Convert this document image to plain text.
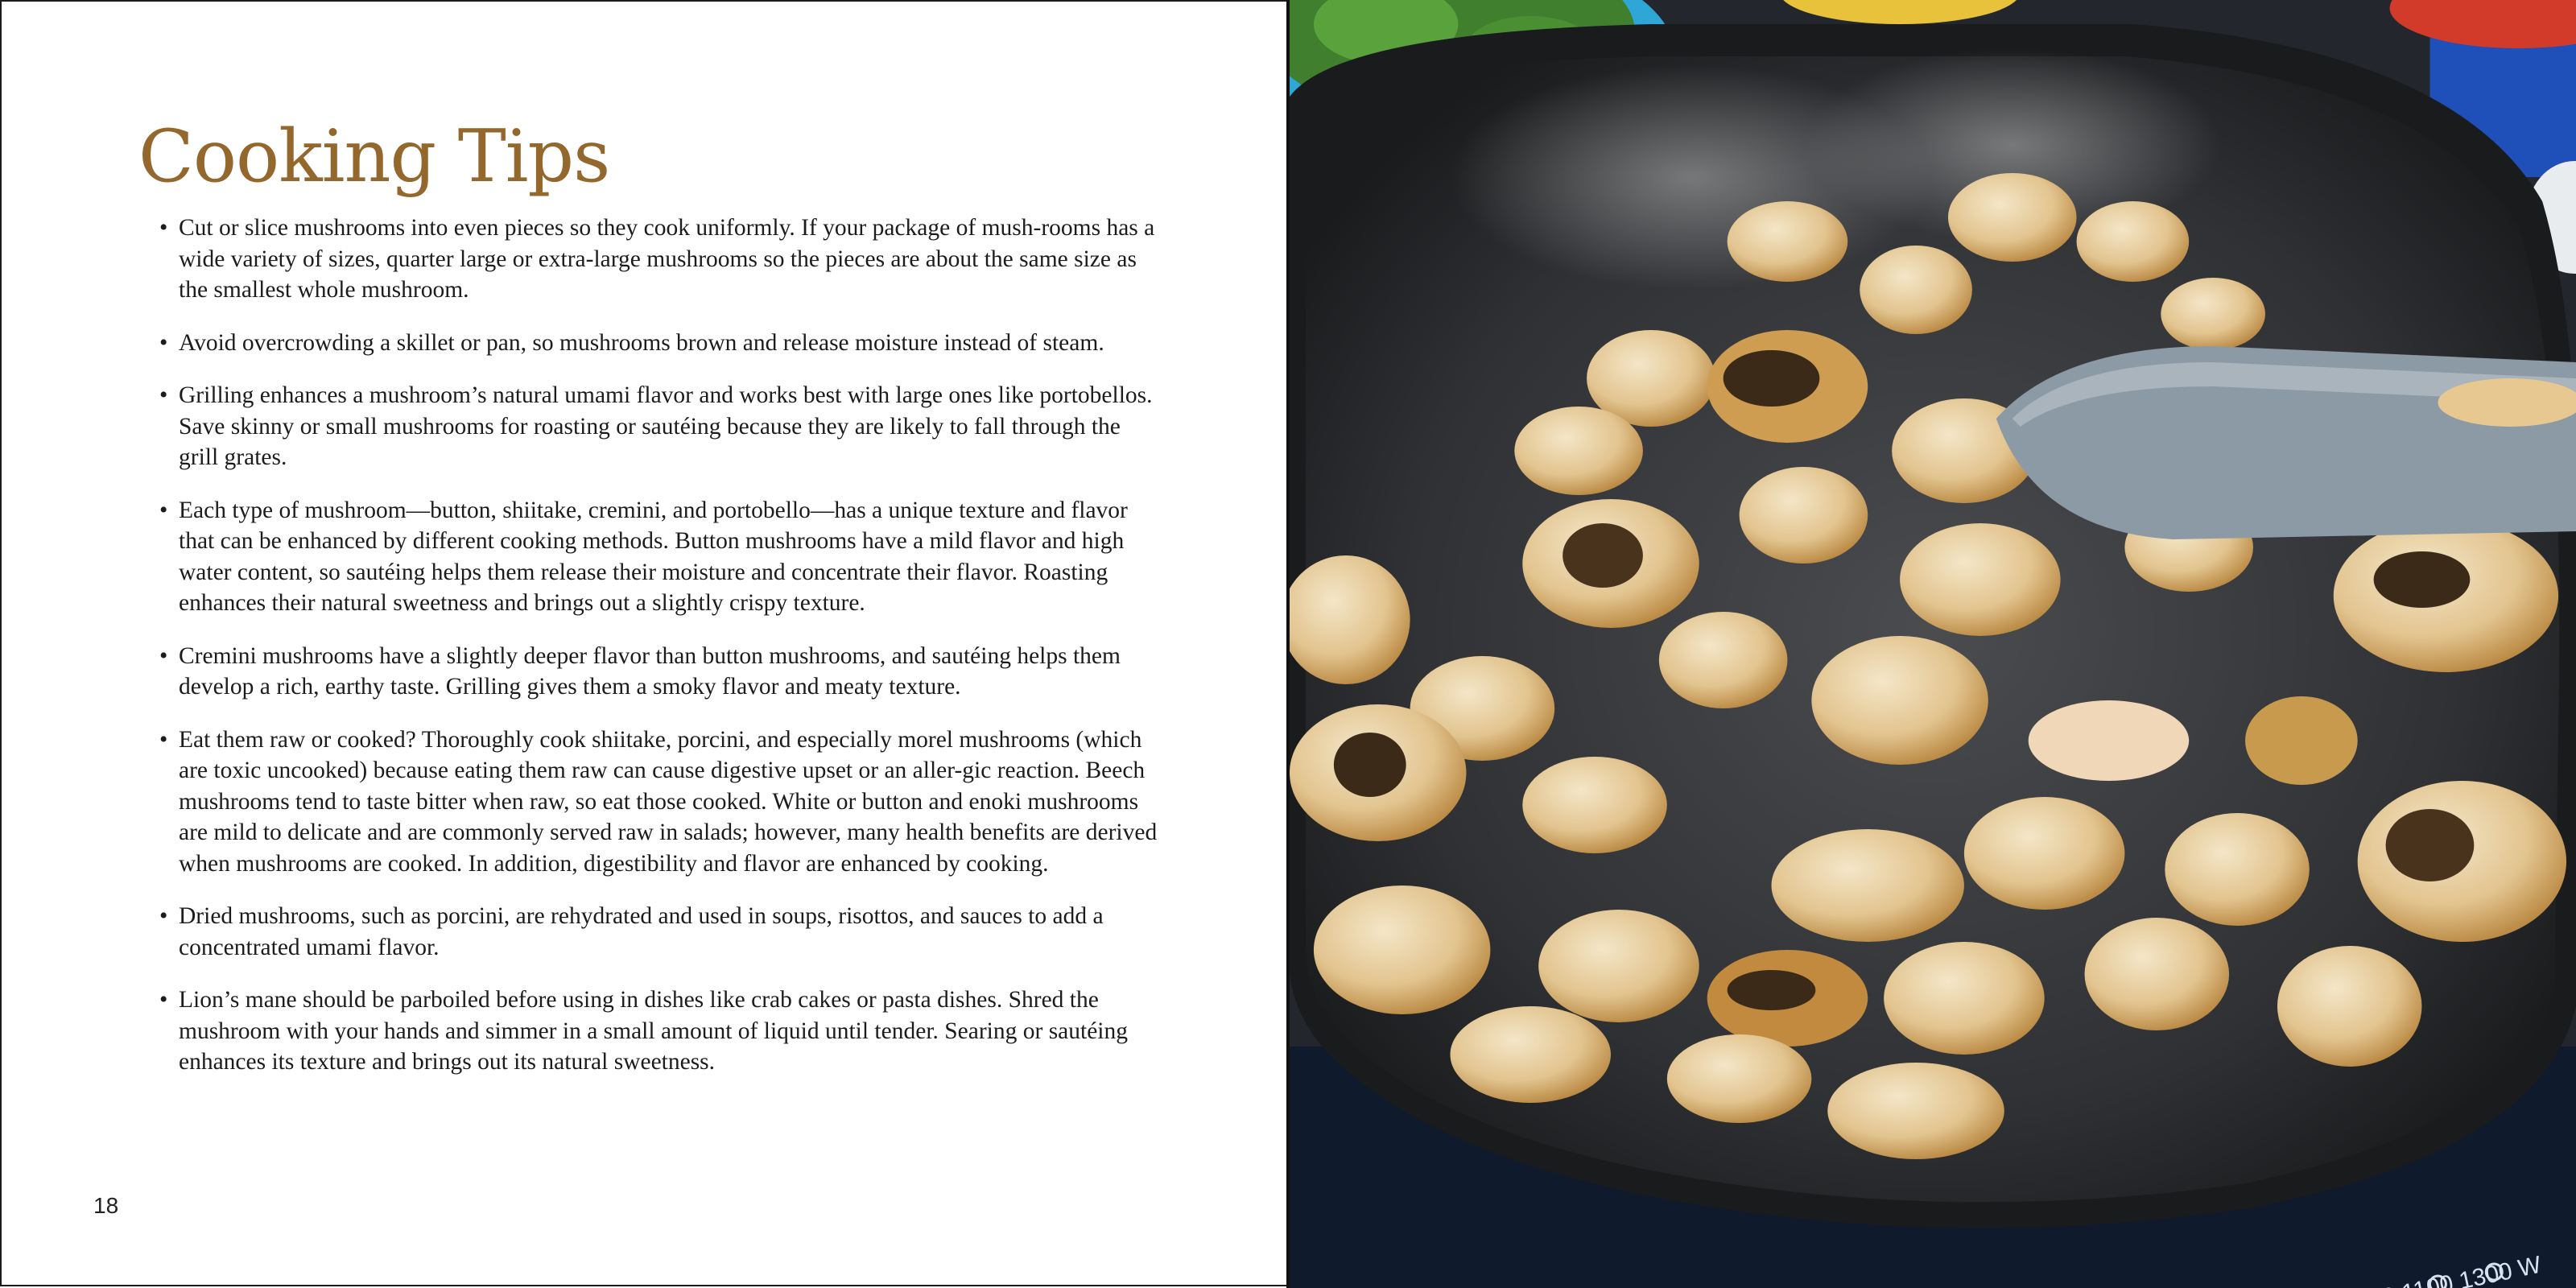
Cooking Tips
• Cut or slice mushrooms into even pieces so they cook uniformly. If your package of mush-rooms has a wide variety of sizes, quarter large or extra-large mushrooms so the pieces are about the same size as the smallest whole mushroom.
• Avoid overcrowding a skillet or pan, so mushrooms brown and release moisture instead of steam.
• Grilling enhances a mushroom’s natural umami flavor and works best with large ones like portobellos. Save skinny or small mushrooms for roasting or sautéing because they are likely to fall through the grill grates.
• Each type of mushroom—button, shiitake, cremini, and portobello—has a unique texture and flavor that can be enhanced by different cooking methods. Button mushrooms have a mild flavor and high water content, so sautéing helps them release their moisture and concentrate their flavor. Roasting enhances their natural sweetness and brings out a slightly crispy texture.
• Cremini mushrooms have a slightly deeper flavor than button mushrooms, and sautéing helps them develop a rich, earthy taste. Grilling gives them a smoky flavor and meaty texture.
• Eat them raw or cooked? Thoroughly cook shiitake, porcini, and especially morel mushrooms (which are toxic uncooked) because eating them raw can cause digestive upset or an aller-gic reaction. Beech mushrooms tend to taste bitter when raw, so eat those cooked. White or button and enoki mushrooms are mild to delicate and are commonly served raw in salads; however, many health benefits are derived when mushrooms are cooked. In addition, digestibility and flavor are enhanced by cooking.
• Dried mushrooms, such as porcini, are rehydrated and used in soups, risottos, and sauces to add a concentrated umami flavor.
• Lion’s mane should be parboiled before using in dishes like crab cakes or pasta dishes. Shred the mushroom with your hands and simmer in a small amount of liquid until tender. Searing or sautéing enhances its texture and brings out its natural sweetness.
18
